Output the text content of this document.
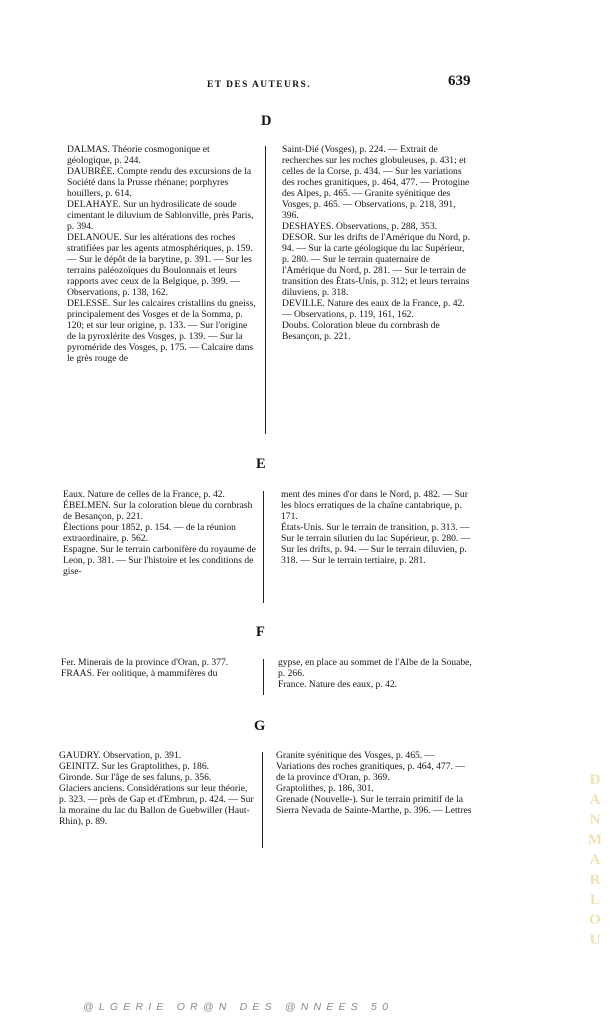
ET DES AUTEURS.	639
D

DALMAS. Théorie cosmogonique et géologique, p. 244.

DAUBRÉE. Compte rendu des excursions de la Société dans la Prusse rhénane; porphyres houillers, p. 614.

DELAHAYE. Sur un hydrosilicate de soude cimentant le diluvium de Sablonville, près Paris, p. 394.

DELANOUE. Sur les altérations des roches stratifiées par les agents atmosphériques, p. 159. — Sur le dépôt de la barytine, p. 391. — Sur les terrains paléozoïques du Boulonnais et leurs rapports avec ceux de la Belgique, p. 399. — Observations, p. 138, 162.

DELESSE. Sur les calcaires cristallins du gneiss, principalement des Vosges et de la Somma, p. 120; et sur leur origine, p. 133. — Sur l'origine de la pyroxlérite des Vosges, p. 139. — Sur la pyroméride des Vosges, p. 175. — Calcaire dans le grès rouge de

Saint-Dié (Vosges), p. 224. — Extrait de recherches sur les roches globuleuses, p. 431; et celles de la Corse, p. 434. — Sur les variations des roches granitiques, p. 464, 477. — Protogine des Alpes, p. 465. — Granite syénitique des Vosges, p. 465. — Observations, p. 218, 391, 396.

DESHAYES. Observations, p. 288, 353.

DESOR. Sur les drifts de l'Amérique du Nord, p. 94. — Sur la carte géologique du lac Supérieur, p. 280. — Sur le terrain quaternaire de l'Amérique du Nord, p. 281. — Sur le terrain de transition des États-Unis, p. 312; et leurs terrains diluviens, p. 318.

DEVILLE. Nature des eaux de la France, p. 42. — Observations, p. 119, 161, 162.

Doubs. Coloration bleue du cornbrash de Besançon, p. 221.

E

Eaux. Nature de celles de la France, p. 42.

ÉBELMEN. Sur la coloration bleue du cornbrash de Besançon, p. 221.

Élections pour 1852, p. 154. — de la réunion extraordinaire, p. 562.

Espagne. Sur le terrain carbonifère du royaume de Leon, p. 381. — Sur l'histoire et les conditions de gise-

ment des mines d'or dans le Nord, p. 482. — Sur les blocs erratiques de la chaîne cantabrique, p. 171.

États-Unis. Sur le terrain de transition, p. 313. — Sur le terrain silurien du lac Supérieur, p. 280. — Sur les drifts, p. 94. — Sur le terrain diluvien, p. 318. — Sur le terrain tertiaire, p. 281.

F

Fer. Minerais de la province d'Oran, p. 377.

FRAAS. Fer oolitique, à mammifères du

gypse, en place au sommet de l'Albe de la Souabe, p. 266.

France. Nature des eaux, p. 42.

G

GAUDRY. Observation, p. 391.

GEINITZ. Sur les Graptolithes, p. 186.

Gironde. Sur l'âge de ses faluns, p. 356.

Glaciers anciens. Considérations sur leur théorie, p. 323. — près de Gap et d'Embrun, p. 424. — Sur la moraine du lac du Ballon de Guebwiller (Haut-Rhin), p. 89.

Granite syénitique des Vosges, p. 465. — Variations des roches granitiques, p. 464, 477. — de la province d'Oran, p. 369.

Graptolithes, p. 186, 301.

Grenade (Nouvelle-). Sur le terrain primitif de la Sierra Nevada de Sainte-Marthe, p. 396. — Lettres

D
A
N
M
A
R
L
O
U
@LGERIE OR@N DES @NNEES 50
